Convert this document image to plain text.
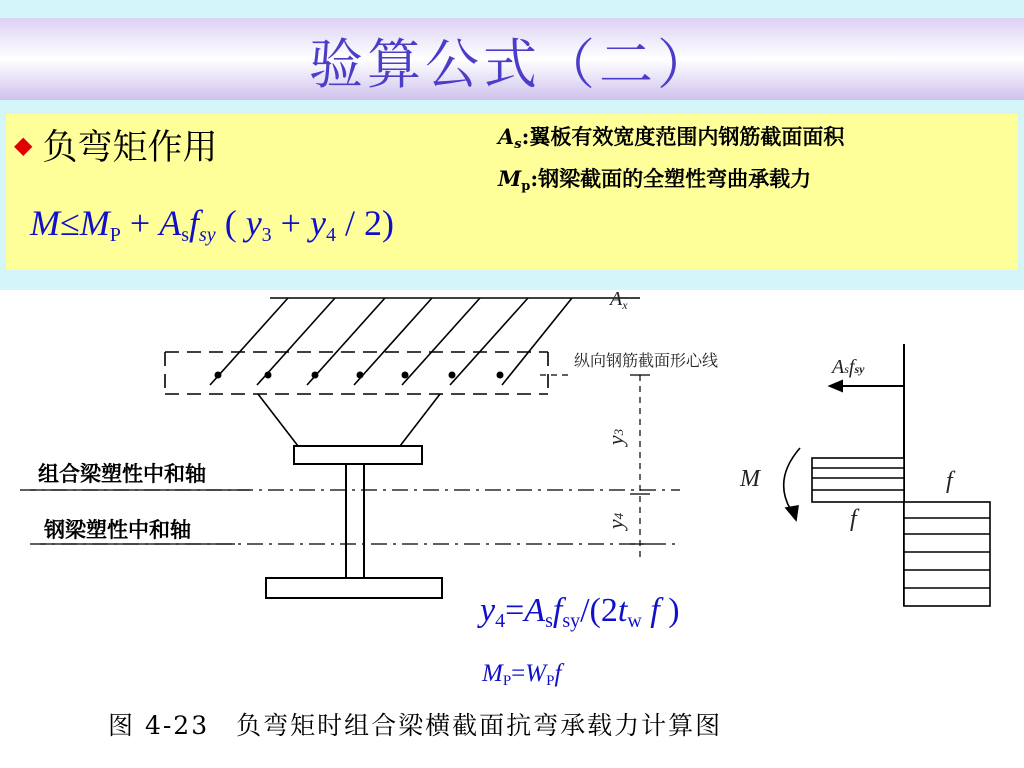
验算公式（二）
◆ 负弯矩作用	$A_s$:翼板有效宽度范围内钢筋截面面积
Mp:钢梁截面的全塑性弯曲承载力
$M\le M_P + A_sfsy$ ( $y_3 + y_4 / 2$)
$A_x$
纵向钢筋截面形心线
y3
y4
组合梁塑性中和轴
钢梁塑性中和轴
Asfsy
M	f
f
$y_4=A_sf_{sy}/(2t_w$ f )
MP=WPf
图 4-23　负弯矩时组合梁横截面抗弯承载力计算图
